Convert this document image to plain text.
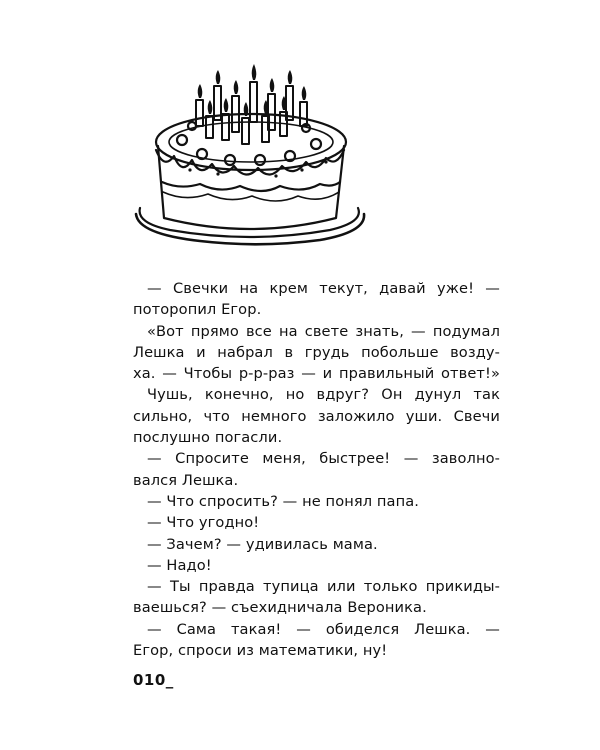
— Свечки на крем текут, давай уже! —
поторопил Егор.
«Вот прямо все на свете знать, — подумал
Лешка и набрал в грудь побольше возду-
ха. — Чтобы р-р-раз — и правильный ответ!»
Чушь, конечно, но вдруг? Он дунул так
сильно, что немного заложило уши. Свечи
послушно погасли.
— Спросите меня, быстрее! — заволно-
вался Лешка.
— Что спросить? — не понял папа.
— Что угодно!
— Зачем? — удивилась мама.
— Надо!
— Ты правда тупица или только прикиды-
ваешься? — съехидничала Вероника.
— Сама такая! — обиделся Лешка. —
Егор, спроси из математики, ну!
010_
